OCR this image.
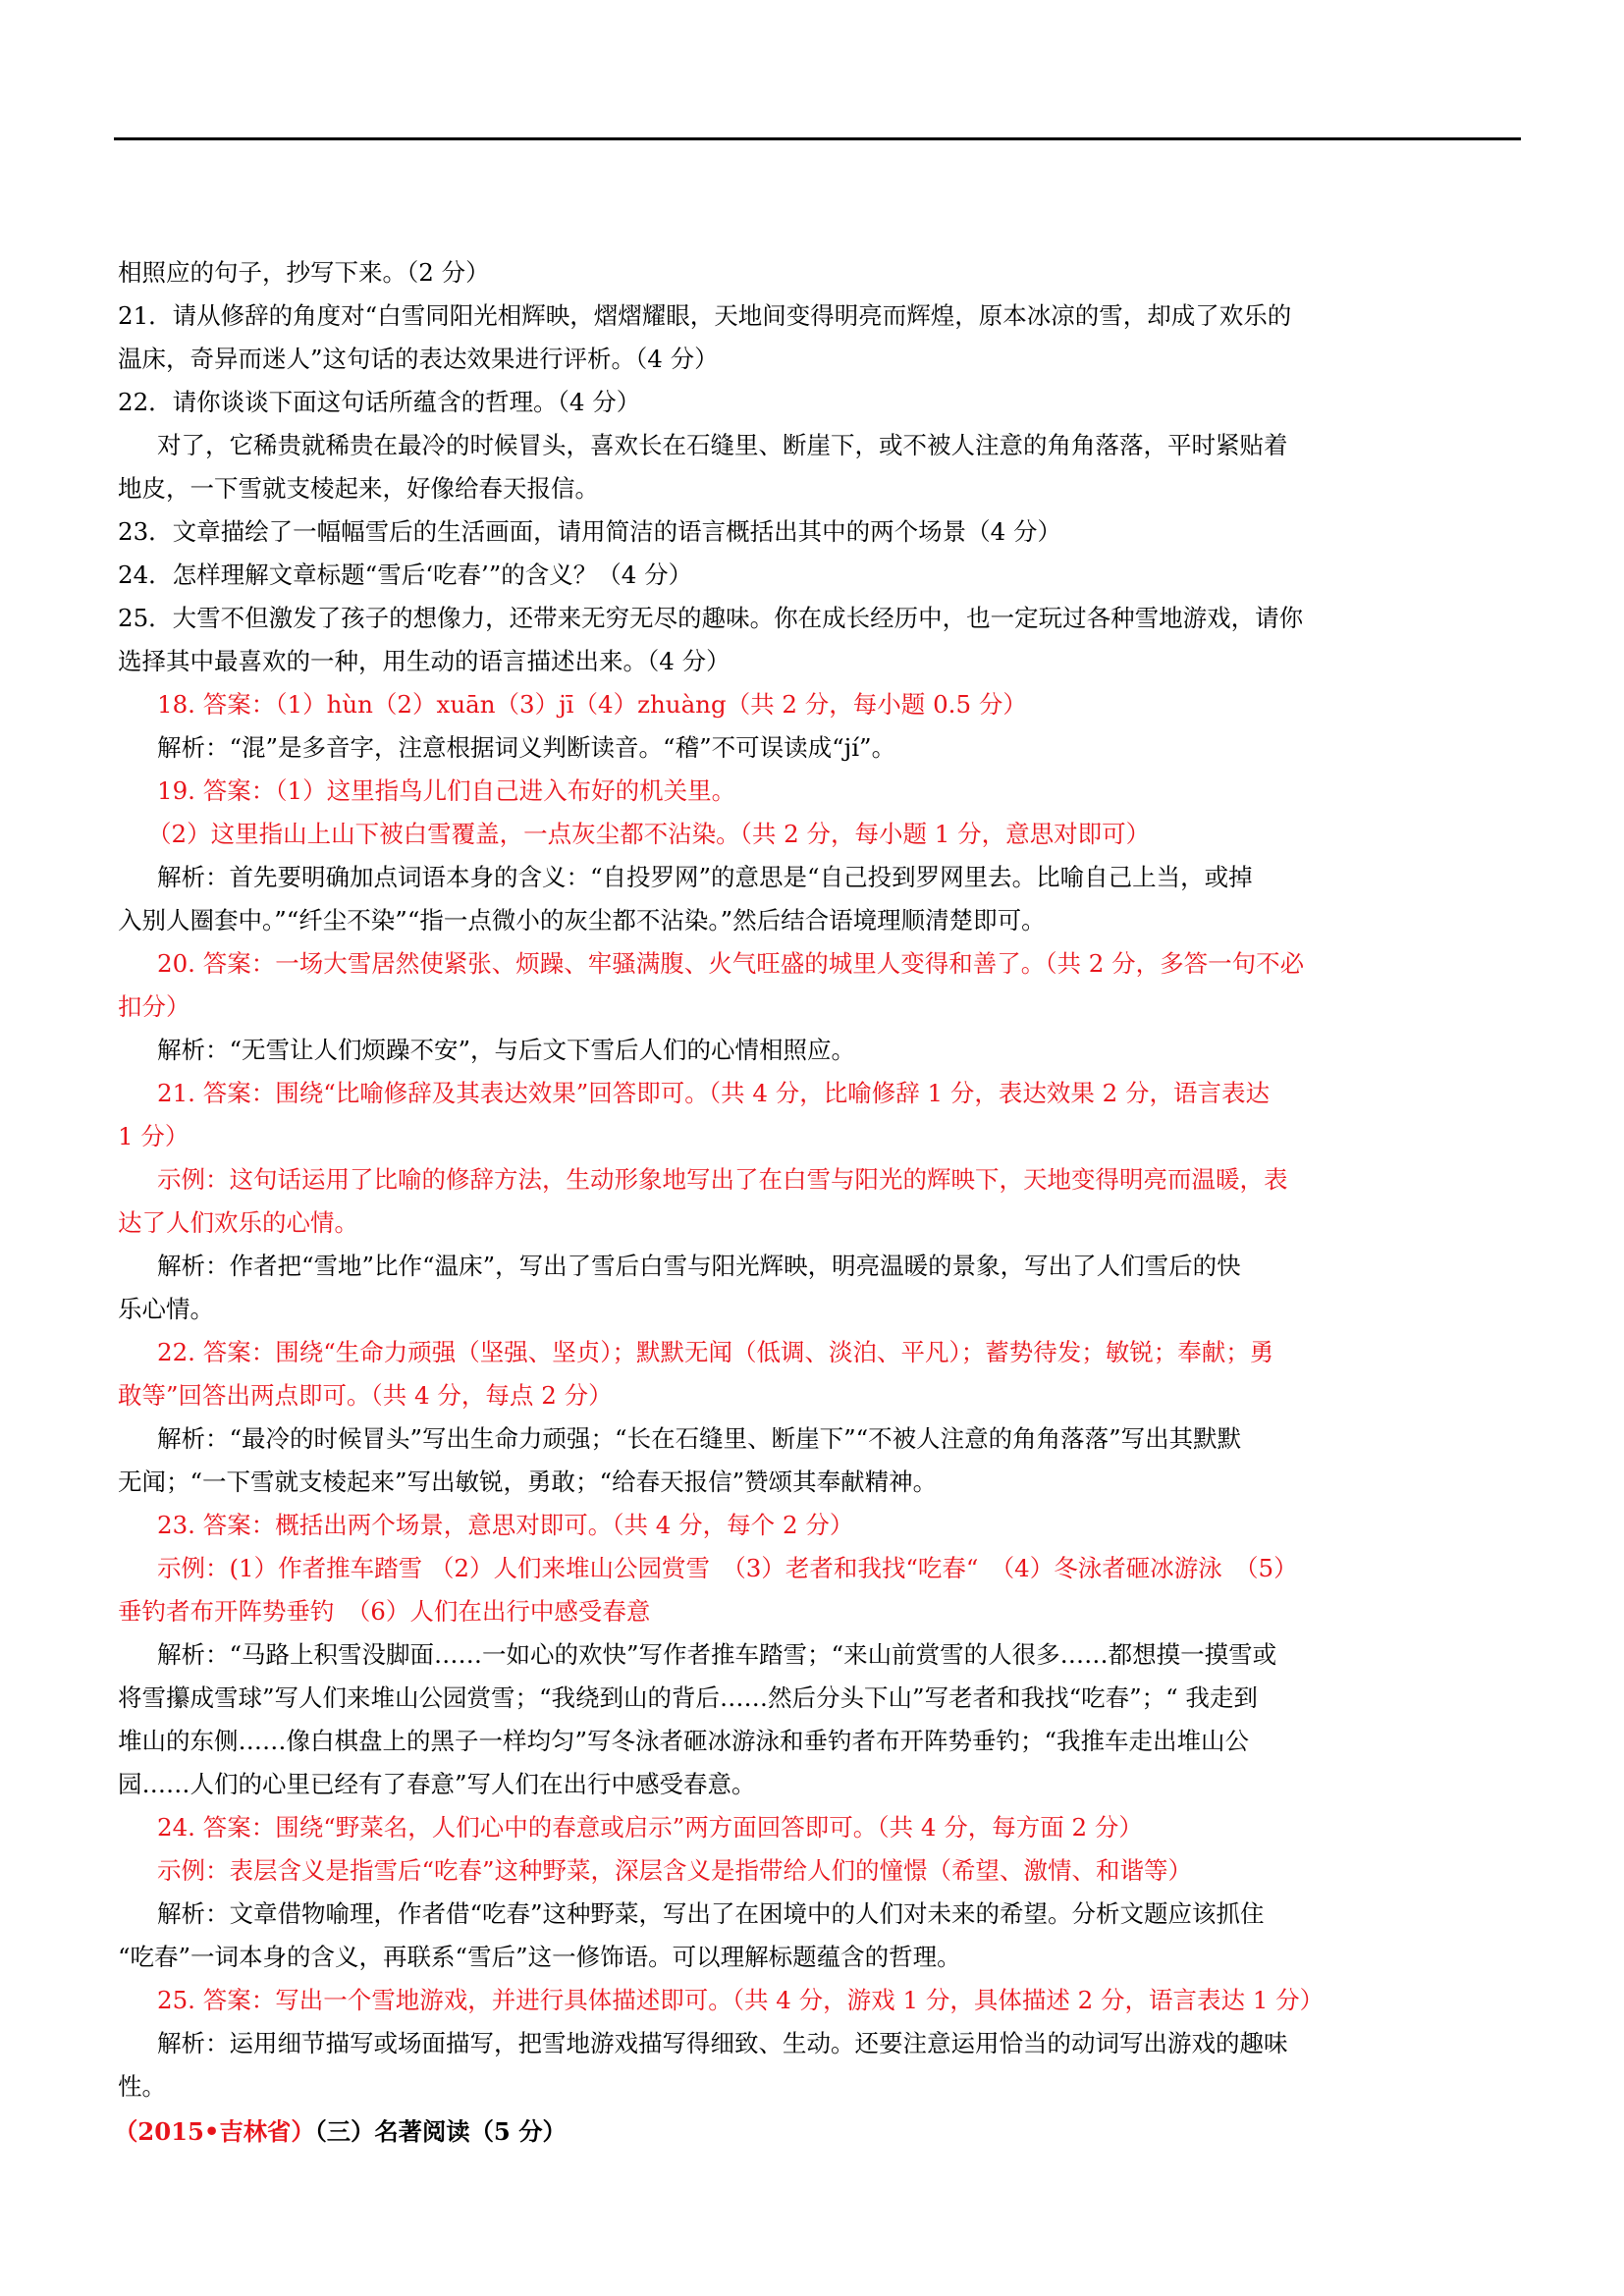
相照应的句子，抄写下来。（2 分）

21．请从修辞的角度对“白雪同阳光相辉映，熠熠耀眼，天地间变得明亮而辉煌，原本冰凉的雪，却成了欢乐的

温床，奇异而迷人”这句话的表达效果进行评析。（4 分）

22．请你谈谈下面这句话所蕴含的哲理。（4 分）

对了，它稀贵就稀贵在最冷的时候冒头，喜欢长在石缝里、断崖下，或不被人注意的角角落落，平时紧贴着

地皮，一下雪就支棱起来，好像给春天报信。

23．文章描绘了一幅幅雪后的生活画面，请用简洁的语言概括出其中的两个场景（4 分）

24．怎样理解文章标题“雪后‘吃春’”的含义？（4 分）

25．大雪不但激发了孩子的想像力，还带来无穷无尽的趣味。你在成长经历中，也一定玩过各种雪地游戏，请你

选择其中最喜欢的一种，用生动的语言描述出来。（4 分）

18. 答案：（1）hùn（2）xuān（3）jī（4）zhuàng（共 2 分，每小题 0.5 分）

解析：“混”是多音字，注意根据词义判断读音。“稽”不可误读成“jí”。

19. 答案：（1）这里指鸟儿们自己进入布好的机关里。

（2）这里指山上山下被白雪覆盖，一点灰尘都不沾染。（共 2 分，每小题 1 分，意思对即可）

解析：首先要明确加点词语本身的含义：“自投罗网”的意思是“自己投到罗网里去。比喻自己上当，或掉

入别人圈套中。”“纤尘不染”“指一点微小的灰尘都不沾染。”然后结合语境理顺清楚即可。

20. 答案：一场大雪居然使紧张、烦躁、牢骚满腹、火气旺盛的城里人变得和善了。（共 2 分，多答一句不必

扣分）

解析：“无雪让人们烦躁不安”，与后文下雪后人们的心情相照应。

21. 答案：围绕“比喻修辞及其表达效果”回答即可。（共 4 分，比喻修辞 1 分，表达效果 2 分，语言表达

1 分）

示例：这句话运用了比喻的修辞方法，生动形象地写出了在白雪与阳光的辉映下，天地变得明亮而温暖，表

达了人们欢乐的心情。

解析：作者把“雪地”比作“温床”，写出了雪后白雪与阳光辉映，明亮温暖的景象，写出了人们雪后的快

乐心情。

22. 答案：围绕“生命力顽强（坚强、坚贞）；默默无闻（低调、淡泊、平凡）；蓄势待发；敏锐；奉献；勇

敢等”回答出两点即可。（共 4 分，每点 2 分）

解析：“最冷的时候冒头”写出生命力顽强；“长在石缝里、断崖下”“不被人注意的角角落落”写出其默默

无闻；“一下雪就支棱起来”写出敏锐，勇敢；“给春天报信”赞颂其奉献精神。

23. 答案：概括出两个场景，意思对即可。（共 4 分，每个 2 分）

示例：(1）作者推车踏雪 （2）人们来堆山公园赏雪　（3）老者和我找“吃春“　（4）冬泳者砸冰游泳　（5）

垂钓者布开阵势垂钓　（6）人们在出行中感受春意

解析：“马路上积雪没脚面……一如心的欢快”写作者推车踏雪；“来山前赏雪的人很多……都想摸一摸雪或

将雪攥成雪球”写人们来堆山公园赏雪；“我绕到山的背后……然后分头下山”写老者和我找“吃春”；“ 我走到

堆山的东侧……像白棋盘上的黑子一样均匀”写冬泳者砸冰游泳和垂钓者布开阵势垂钓；“我推车走出堆山公

园……人们的心里已经有了春意”写人们在出行中感受春意。

24. 答案：围绕“野菜名，人们心中的春意或启示”两方面回答即可。（共 4 分，每方面 2 分）

示例：表层含义是指雪后“吃春”这种野菜，深层含义是指带给人们的憧憬（希望、激情、和谐等）

解析：文章借物喻理，作者借“吃春”这种野菜，写出了在困境中的人们对未来的希望。分析文题应该抓住

“吃春”一词本身的含义，再联系“雪后”这一修饰语。可以理解标题蕴含的哲理。

25. 答案：写出一个雪地游戏，并进行具体描述即可。（共 4 分，游戏 1 分，具体描述 2 分，语言表达 1 分）

解析：运用细节描写或场面描写，把雪地游戏描写得细致、生动。还要注意运用恰当的动词写出游戏的趣味

性。

（2015•吉林省）（三）名著阅读（5 分）
